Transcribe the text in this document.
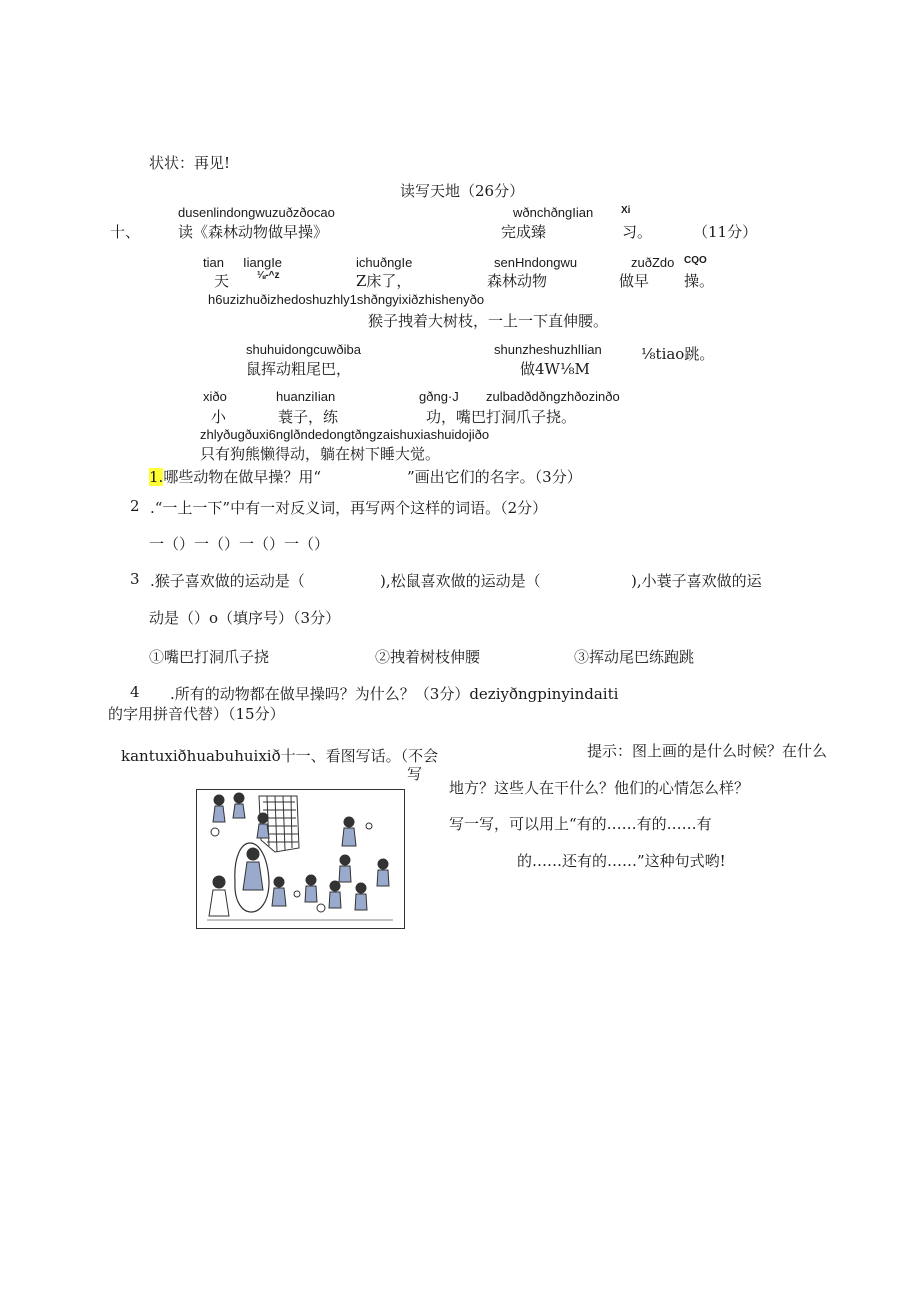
状状：再见!
读写天地（26分）
dusenlindongwuzuðzðocao	wðnchðngIian	Xi
十、	读《森林动物做早操》	完成臻	习。	（11分）
tian IiangIe	ichuðngIe	senHndongwu	zuðZdo CQO
天	⅛-^z	Z床了，	森林动物	做早 操。
h6uzizhuðizhedoshuzhly1shðngyixiðzhishenyðo
猴子拽着大树枝，一上一下直伸腰。
shuhuidongcuwðiba	shunzheshuzhlIian
鼠挥动粗尾巴，	做4W⅛M
⅛tiao跳。
xiðo	huanziIian	gðng·J zulbadðdðngzhðozinðo
小	蓑子，练	功，嘴巴打洞爪子挠。
zhlyðugðuxi6nglðndedongtðngzaishuxiashuidojiðo
只有狗熊懒得动，躺在树下睡大觉。
1.哪些动物在做早操？用“	”画出它们的名字。（3分）
2 .“一上一下”中有一对反义词，再写两个这样的词语。（2分）
一（）一（）一（）一（）
3 .猴子喜欢做的运动是（	),松鼠喜欢做的运动是（	),小蓑子喜欢做的运
动是（）o（填序号）（3分）
①嘴巴打洞爪子挠	②拽着树枝伸腰	③挥动尾巴练跑跳
4 .所有的动物都在做早操吗？为什么？（3分）deziyðngpinyindaiti
的字用拼音代替）（15分）
kantuxiðhuabuhuixið十一、看图写话。（不会
写
提示：图上画的是什么时候？在什么
地方？这些人在干什么？他们的心情怎么样？
写一写，可以用上“有的……有的……有
的……还有的……”这种句式哟!
